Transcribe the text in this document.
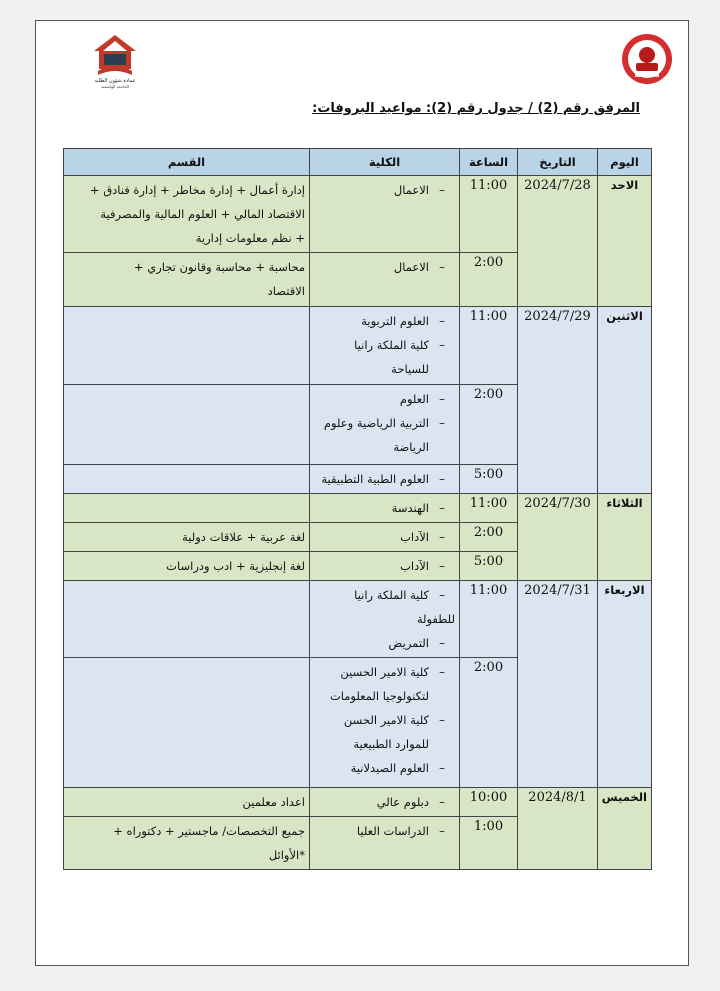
عمادة شؤون الطلبة
الجامعة الهاشمية
المرفق رقم (2) / جدول رقم (2): مواعيد البروفات:
اليوم	التاريخ	الساعة	الكلية	القسم
الاحد	2024/7/28	11:00	–الاعمال	إدارة أعمال + إدارة مخاطر + إدارة فنادق +
الاقتصاد المالي + العلوم المالية والمصرفية
+ نظم معلومات إدارية

		2:00	–الاعمال	محاسبة + محاسبة وقانون تجاري +
الاقتصاد

الاثنين	2024/7/29	11:00	–العلوم التربوية
–كلية الملكة رانيا
للسياحة	

		2:00	–العلوم
–التربية الرياضية وعلوم
الرياضة	

		5:00	–العلوم الطبية التطبيقية	

الثلاثاء	2024/7/30	11:00	–الهندسة	

		2:00	–الآداب	لغة عربية + علاقات دولية

		5:00	–الآداب	لغة إنجليزية + ادب ودراسات

الاربعاء	2024/7/31	11:00	–كلية الملكة رانيا للطفولة
–التمريض	

		2:00	–كلية الامير الحسين
لتكنولوجيا المعلومات
–كلية الامير الحسن
للموارد الطبيعية
–العلوم الصيدلانية	

الخميس	2024/8/1	10:00	–دبلوم عالي	اعداد معلمين

		1:00	–الدراسات العليا	جميع التخصصات/ ماجستير + دكتوراه +
*الأوائل
